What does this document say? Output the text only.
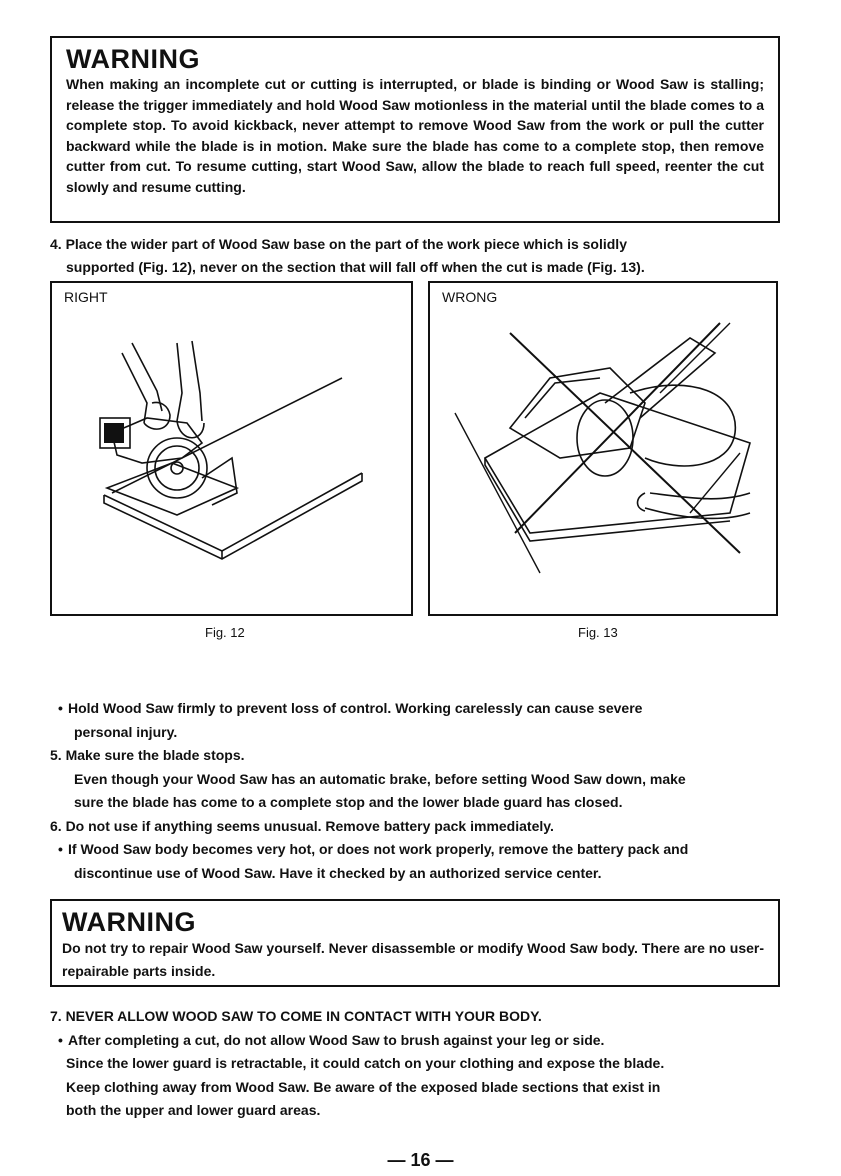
WARNING
When making an incomplete cut or cutting is interrupted, or blade is binding or Wood Saw is stalling; release the trigger immediately and hold Wood Saw motionless in the material until the blade comes to a complete stop. To avoid kickback, never attempt to remove Wood Saw from the work or pull the cutter backward while the blade is in motion. Make sure the blade has come to a complete stop, then remove cutter from cut. To resume cutting, start Wood Saw, allow the blade to reach full speed, reenter the cut slowly and resume cutting.
4. Place the wider part of Wood Saw base on the part of the work piece which is solidly
supported (Fig. 12), never on the section that will fall off when the cut is made (Fig. 13).
RIGHT
Fig. 12
WRONG
Fig. 13
• Hold Wood Saw firmly to prevent loss of control. Working carelessly can cause severe
personal injury.
5. Make sure the blade stops.
Even though your Wood Saw has an automatic brake, before setting Wood Saw down, make
sure the blade has come to a complete stop and the lower blade guard has closed.
6. Do not use if anything seems unusual. Remove battery pack immediately.
• If Wood Saw body becomes very hot, or does not work properly, remove the battery pack and
discontinue use of Wood Saw. Have it checked by an authorized service center.
WARNING
Do not try to repair Wood Saw yourself. Never disassemble or modify Wood Saw body. There are no user-repairable parts inside.
7. NEVER ALLOW WOOD SAW TO COME IN CONTACT WITH YOUR BODY.
• After completing a cut, do not allow Wood Saw to brush against your leg or side.
Since the lower guard is retractable, it could catch on your clothing and expose the blade.
Keep clothing away from Wood Saw. Be aware of the exposed blade sections that exist in
both the upper and lower guard areas.
— 16 —
